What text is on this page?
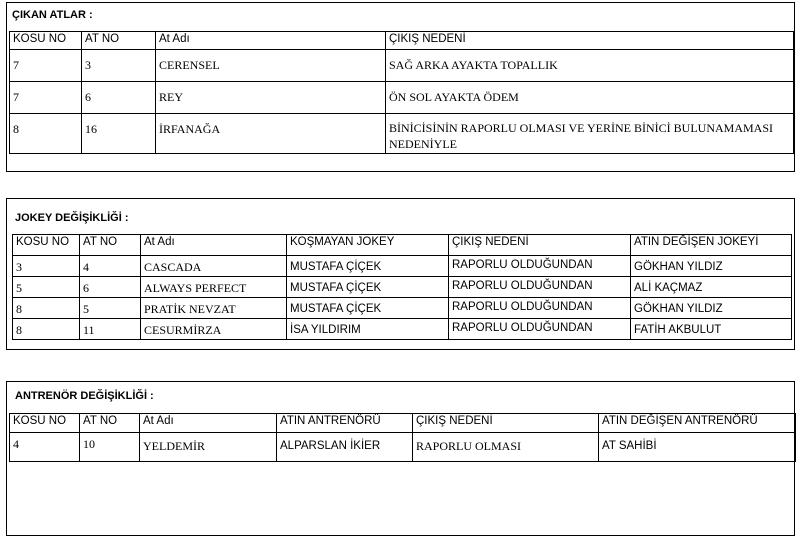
ÇIKAN ATLAR :
KOSU NO	AT NO	At Adı	ÇIKIŞ NEDENİ
7	3	CERENSEL	SAĞ ARKA AYAKTA TOPALLIK
7	6	REY	ÖN SOL AYAKTA ÖDEM
8	16	İRFANAĞA	BİNİCİSİNİN RAPORLU OLMASI VE YERİNE BİNİCİ BULUNAMAMASI NEDENİYLE
JOKEY DEĞİŞİKLİĞİ :
KOSU NO	AT NO	At Adı	KOŞMAYAN JOKEY	ÇIKIŞ NEDENİ	ATIN DEĞİŞEN JOKEYİ
3	4	CASCADA	MUSTAFA ÇİÇEK	RAPORLU OLDUĞUNDAN	GÖKHAN YILDIZ
5	6	ALWAYS PERFECT	MUSTAFA ÇİÇEK	RAPORLU OLDUĞUNDAN	ALİ KAÇMAZ
8	5	PRATİK NEVZAT	MUSTAFA ÇİÇEK	RAPORLU OLDUĞUNDAN	GÖKHAN YILDIZ
8	11	CESURMİRZA	İSA YILDIRIM	RAPORLU OLDUĞUNDAN	FATİH AKBULUT
ANTRENÖR DEĞİŞİKLİĞİ :
KOSU NO	AT NO	At Adı	ATIN ANTRENÖRÜ	ÇIKIŞ NEDENİ	ATIN DEĞİŞEN ANTRENÖRÜ
4	10	YELDEMİR	ALPARSLAN İKİER	RAPORLU OLMASI	AT SAHİBİ
